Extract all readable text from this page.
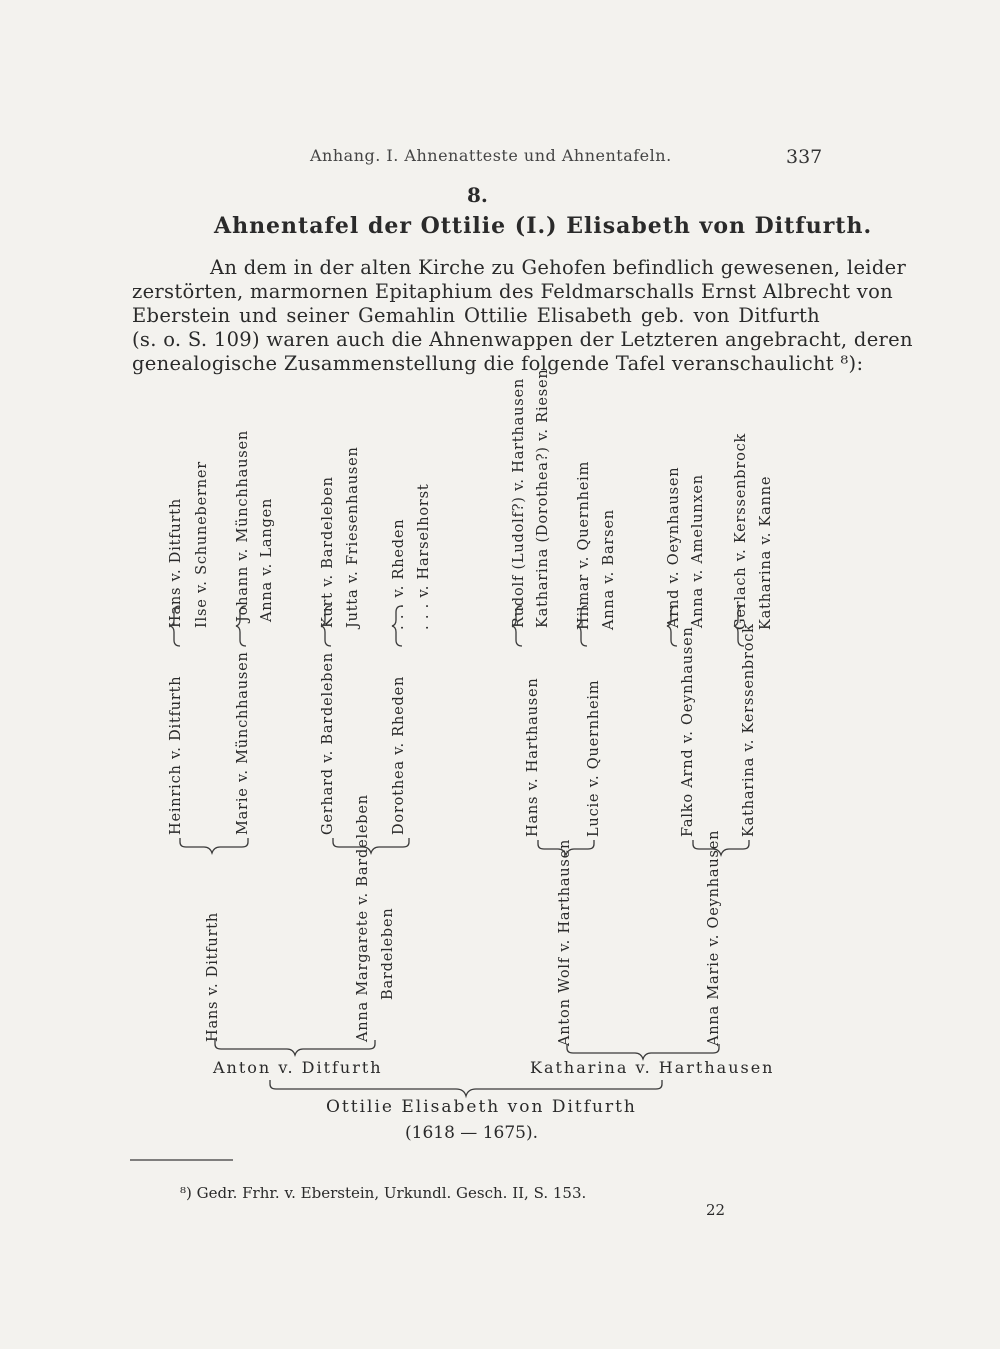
Anhang. I. Ahnenatteste und Ahnentafeln.	337
8.
Ahnentafel der Ottilie (I.) Elisabeth von Ditfurth.
An dem in der alten Kirche zu Gehofen befindlich gewesenen, leider
zerstörten, marmornen Epitaphium des Feldmarschalls Ernst Albrecht von
Eberstein und seiner Gemahlin Ottilie Elisabeth geb. von Ditfurth
(s. o. S. 109) waren auch die Ahnenwappen der Letzteren angebracht, deren
genealogische Zusammenstellung die folgende Tafel veranschaulicht ⁸):
Hans v. Ditfurth Ilse v. Schuneberner Johann v. Münchhausen Anna v. Langen	Kurt v. Bardeleben Jutta v. Friesenhausen . . . v. Rheden . . . v. Harselhorst	Rudolf (Ludolf?) v. Harthausen Katharina (Dorothea?) v. Riesen Hilmar v. Quernheim Anna v. Barsen	Arnd v. Oeynhausen Anna v. Amelunxen Gerlach v. Kerssenbrock Katharina v. Kanne
Heinrich v. Ditfurth	Marie v. Münchhausen	Gerhard v. Bardeleben	Dorothea v. Rheden	Hans v. Harthausen	Lucie v. Quernheim	Falko Arnd v. Oeynhausen	Katharina v. Kerssenbrock
Hans v. Ditfurth	Anna Margarete v. Bardeleben Bardeleben	Anton Wolf v. Harthausen	Anna Marie v. Oeynhausen
Anton v. Ditfurth	Katharina v. Harthausen
Ottilie Elisabeth von Ditfurth
(1618 — 1675).
⁸) Gedr. Frhr. v. Eberstein, Urkundl. Gesch. II, S. 153.
22
